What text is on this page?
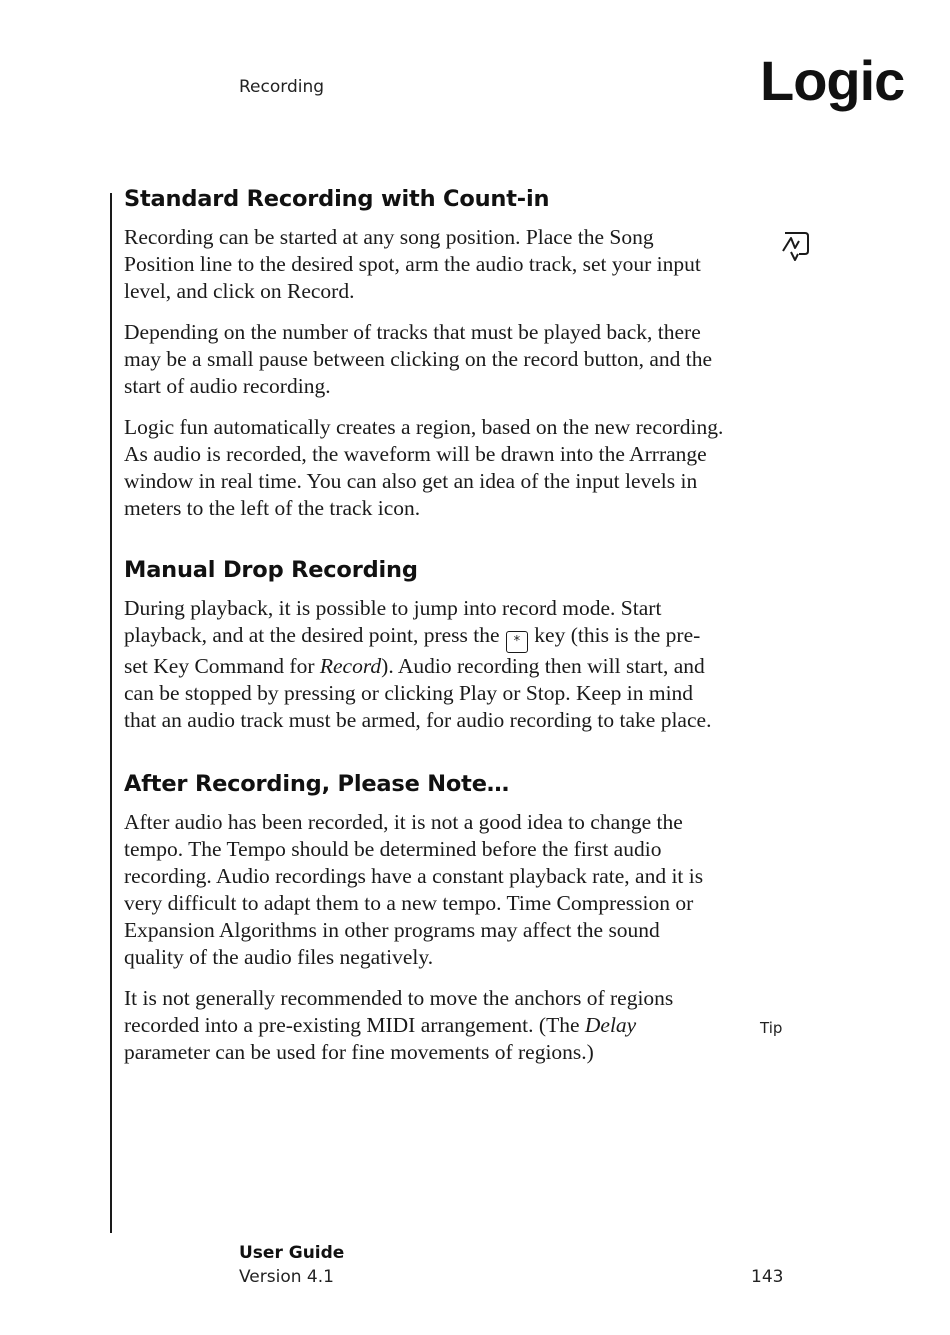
Recording	Logic
Standard Recording with Count-in

Recording can be started at any song position. Place the Song Position line to the desired spot, arm the audio track, set your input level, and click on Record.

Depending on the number of tracks that must be played back, there may be a small pause between clicking on the record button, and the start of audio recording.

Logic fun automatically creates a region, based on the new recording. As audio is recorded, the waveform will be drawn into the Arrrange window in real time. You can also get an idea of the input levels in meters to the left of the track icon.

Manual Drop Recording

During playback, it is possible to jump into record mode. Start playback, and at the desired point, press the * key (this is the pre-set Key Command for Record). Audio recording then will start, and can be stopped by pressing or clicking Play or Stop. Keep in mind that an audio track must be armed, for audio recording to take place.

After Recording, Please Note…

After audio has been recorded, it is not a good idea to change the tempo. The Tempo should be determined before the first audio recording. Audio recordings have a constant playback rate, and it is very difficult to adapt them to a new tempo. Time Compression or Expansion Algorithms in other programs may affect the sound quality of the audio files negatively.

It is not generally recommended to move the anchors of regions recorded into a pre-existing MIDI arrangement. (The Delay parameter can be used for fine movements of regions.)

Tip
User Guide
Version 4.1	143
